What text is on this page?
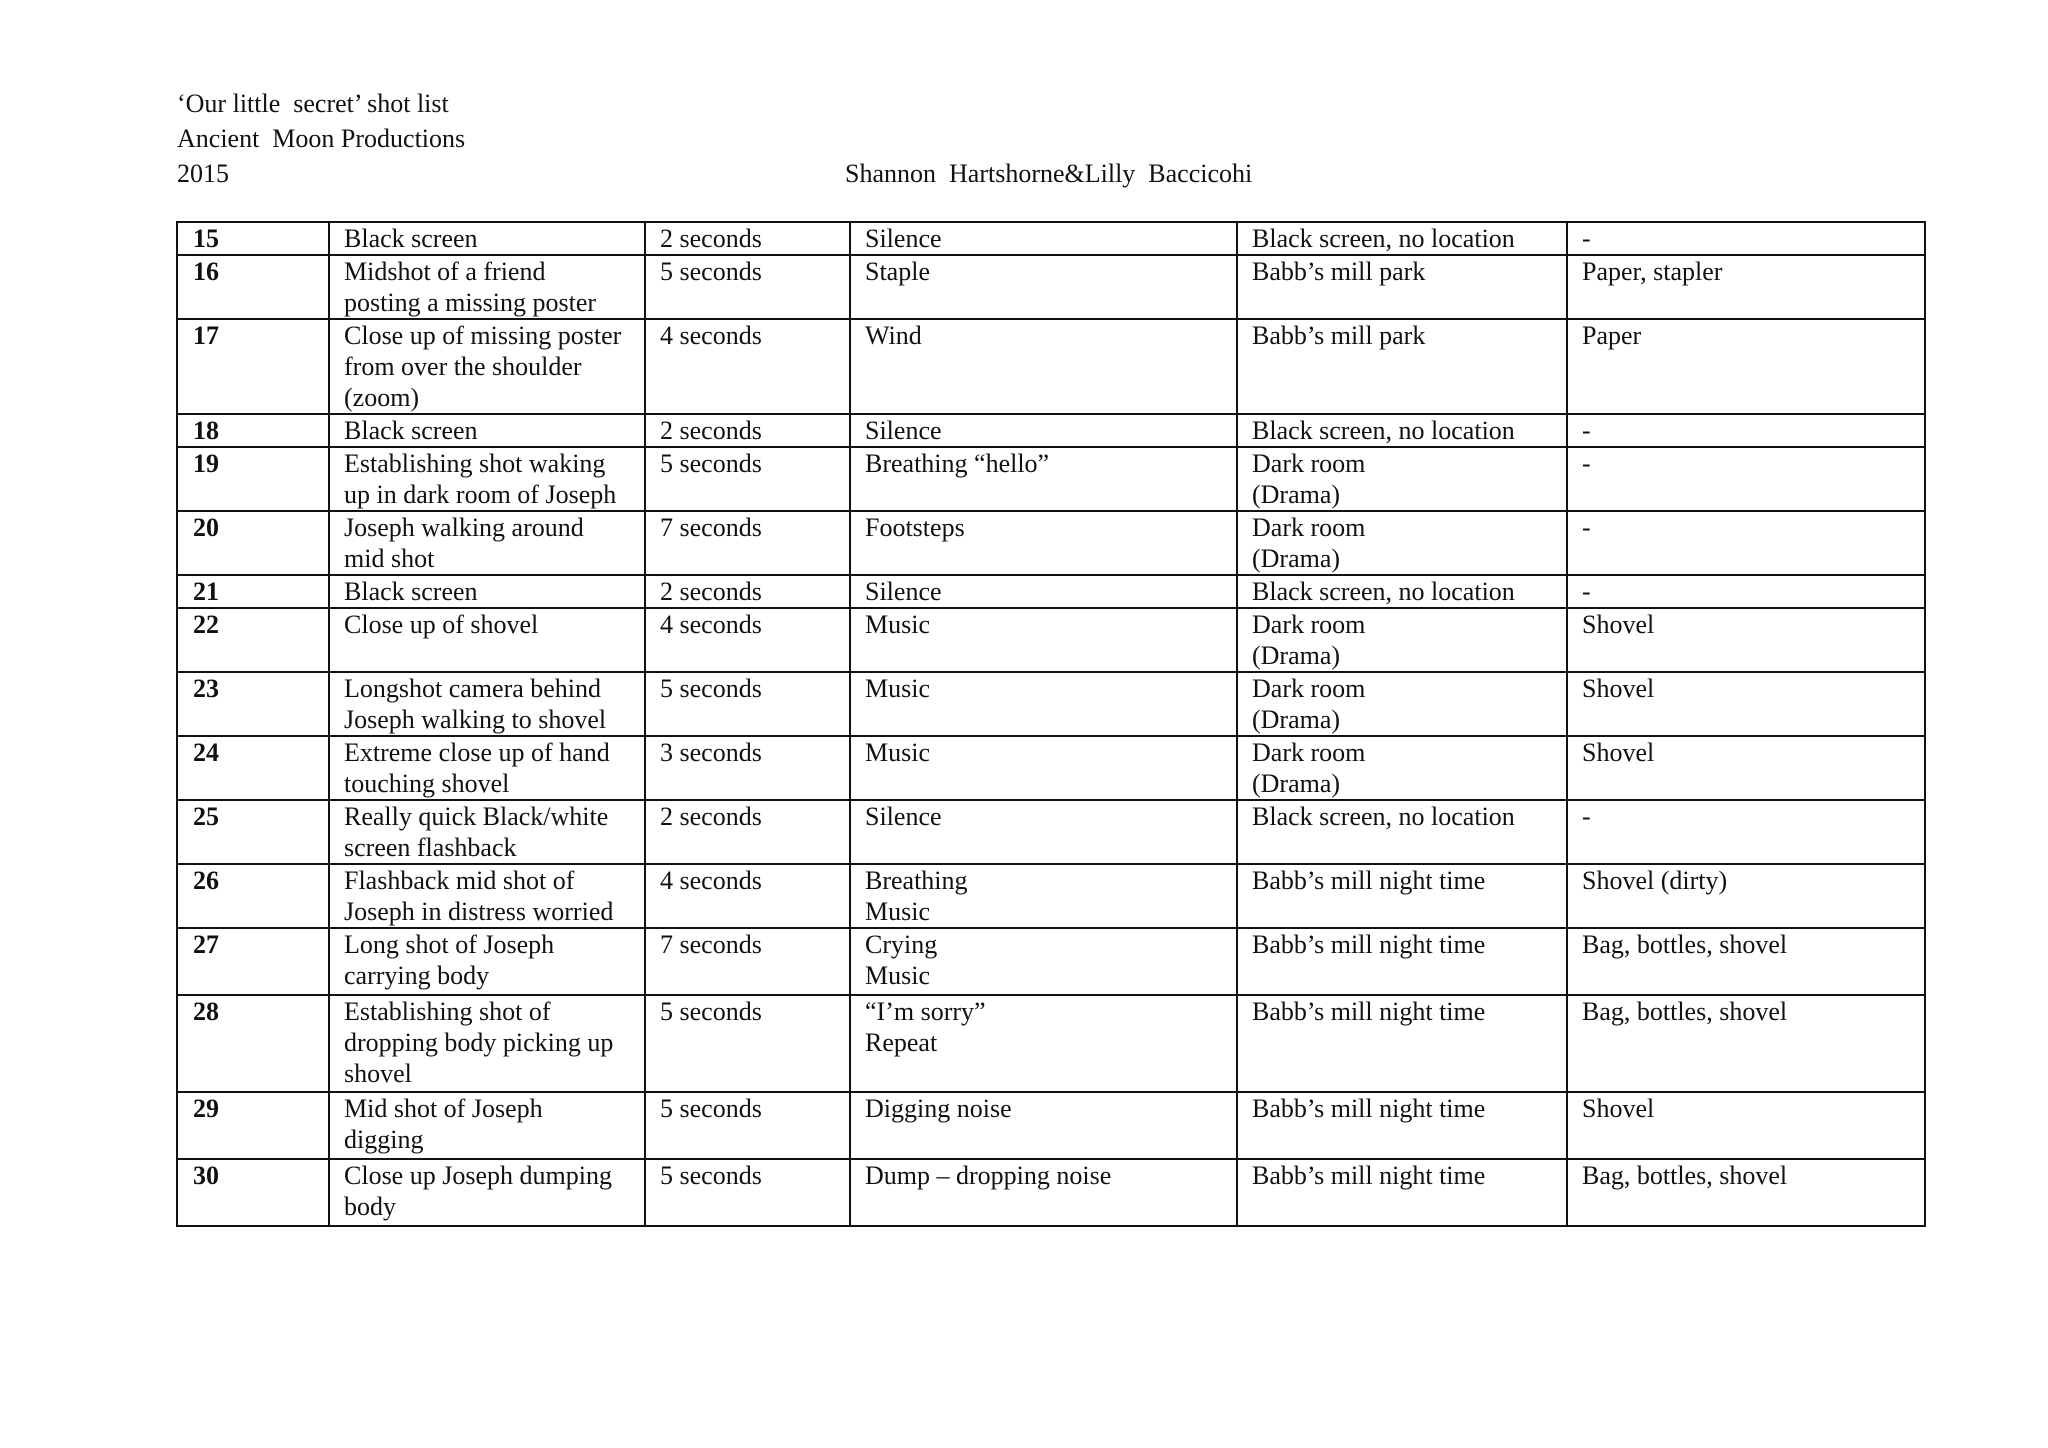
‘Our little  secret’ shot list
Ancient  Moon Productions
2015	Shannon  Hartshorne&Lilly  Baccicohi
15	Black screen	2 seconds	Silence	Black screen, no location	-
16	Midshot of a friend
posting a missing poster	5 seconds	Staple	Babb’s mill park	Paper, stapler
17	Close up of missing poster
from over the shoulder
(zoom)	4 seconds	Wind	Babb’s mill park	Paper
18	Black screen	2 seconds	Silence	Black screen, no location	-
19	Establishing shot waking
up in dark room of Joseph	5 seconds	Breathing “hello”	Dark room
(Drama)	-
20	Joseph walking around
mid shot	7 seconds	Footsteps	Dark room
(Drama)	-
21	Black screen	2 seconds	Silence	Black screen, no location	-
22	Close up of shovel	4 seconds	Music	Dark room
(Drama)	Shovel
23	Longshot camera behind
Joseph walking to shovel	5 seconds	Music	Dark room
(Drama)	Shovel
24	Extreme close up of hand
touching shovel	3 seconds	Music	Dark room
(Drama)	Shovel
25	Really quick Black/white
screen flashback	2 seconds	Silence	Black screen, no location	-
26	Flashback mid shot of
Joseph in distress worried	4 seconds	Breathing
Music	Babb’s mill night time	Shovel (dirty)
27	Long shot of Joseph
carrying body	7 seconds	Crying
Music	Babb’s mill night time	Bag, bottles, shovel
28	Establishing shot of
dropping body picking up
shovel	5 seconds	“I’m sorry”
Repeat	Babb’s mill night time	Bag, bottles, shovel
29	Mid shot of Joseph
digging	5 seconds	Digging noise	Babb’s mill night time	Shovel
30	Close up Joseph dumping
body	5 seconds	Dump – dropping noise	Babb’s mill night time	Bag, bottles, shovel
